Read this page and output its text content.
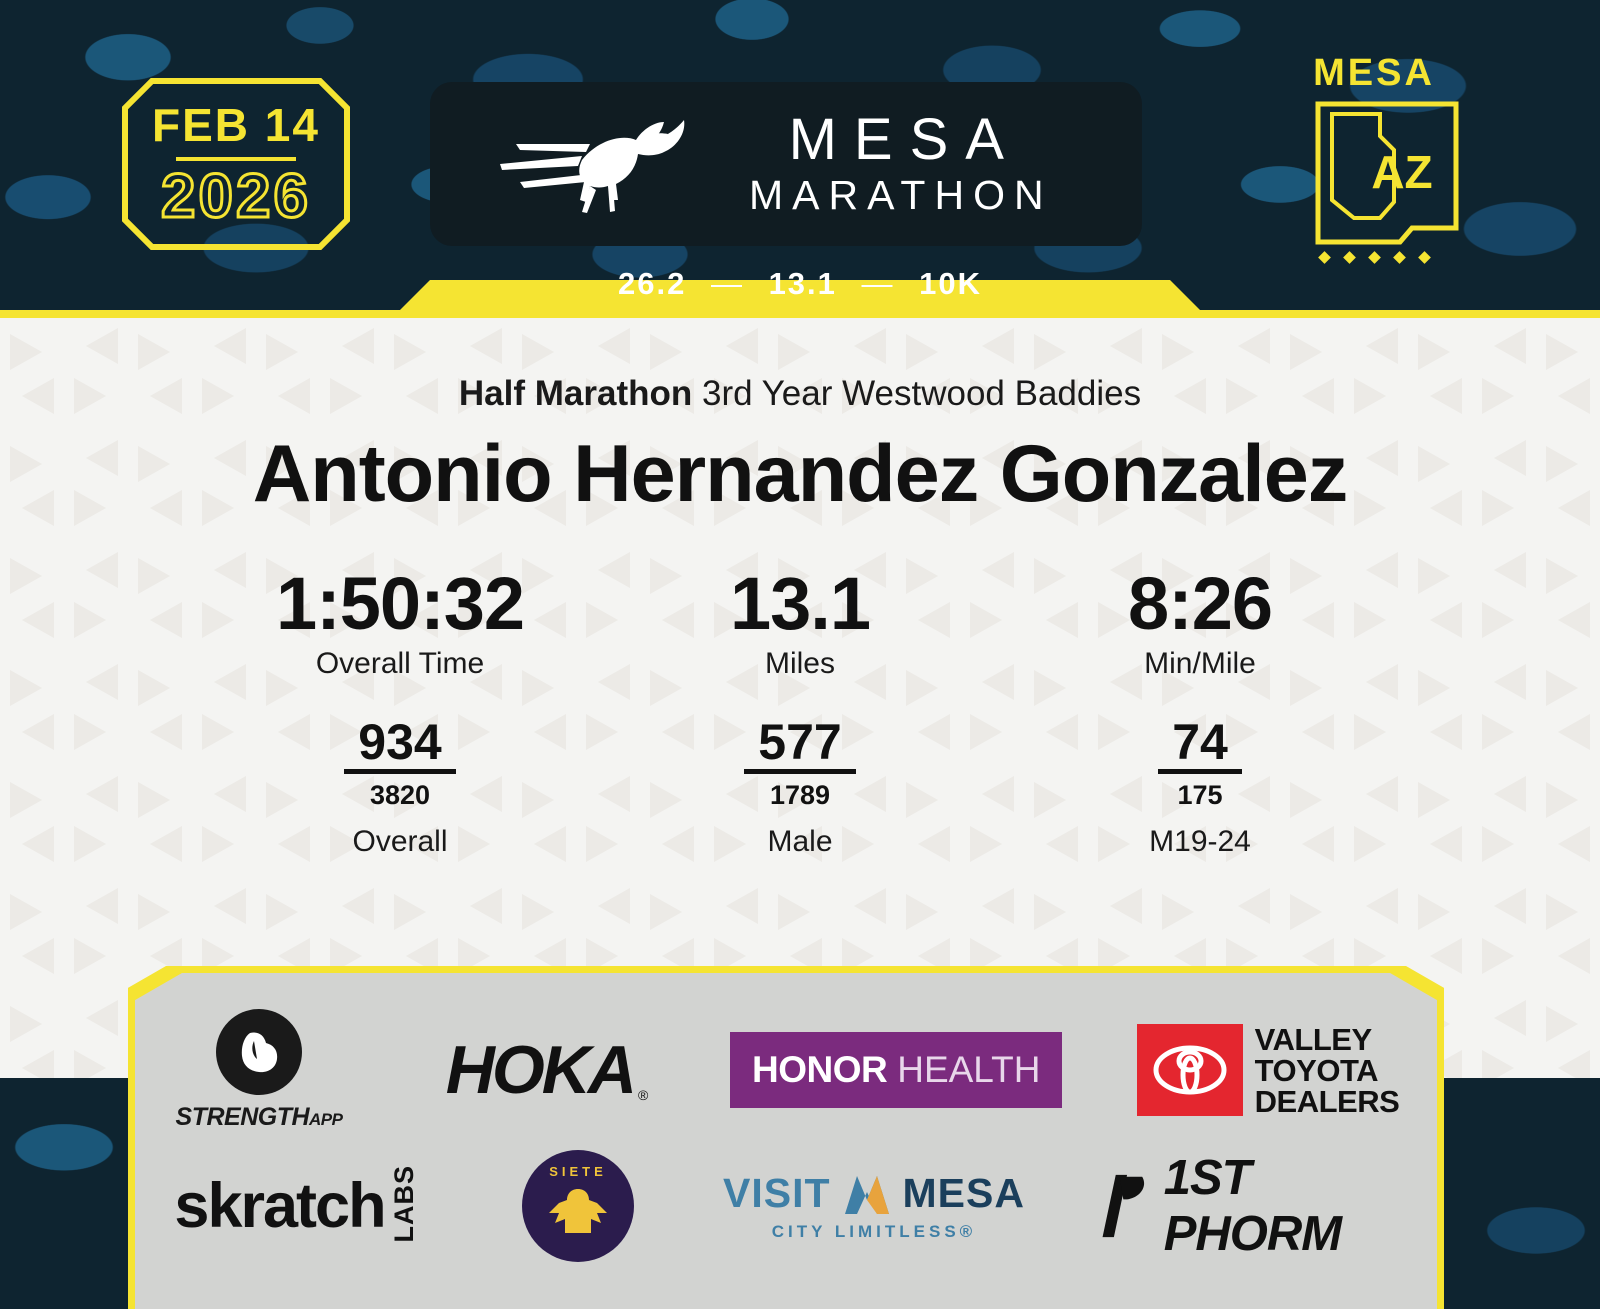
FEB 14
2026
MESA
MARATHON
MESA
AZ
26.2 — 13.1 — 10K
Half Marathon 3rd Year Westwood Baddies
Antonio Hernandez Gonzalez
1:50:32
Overall Time
934
3820
Overall
13.1
Miles
577
1789
Male
8:26
Min/Mile
74
175
M19-24
STRENGTHAPP
HOKA ®
HONOR HEALTH
VALLEY
TOYOTA
DEALERS
skratch LABS	SIETE	VISIT MESA
CITY LIMITLESS®
1ST PHORM
